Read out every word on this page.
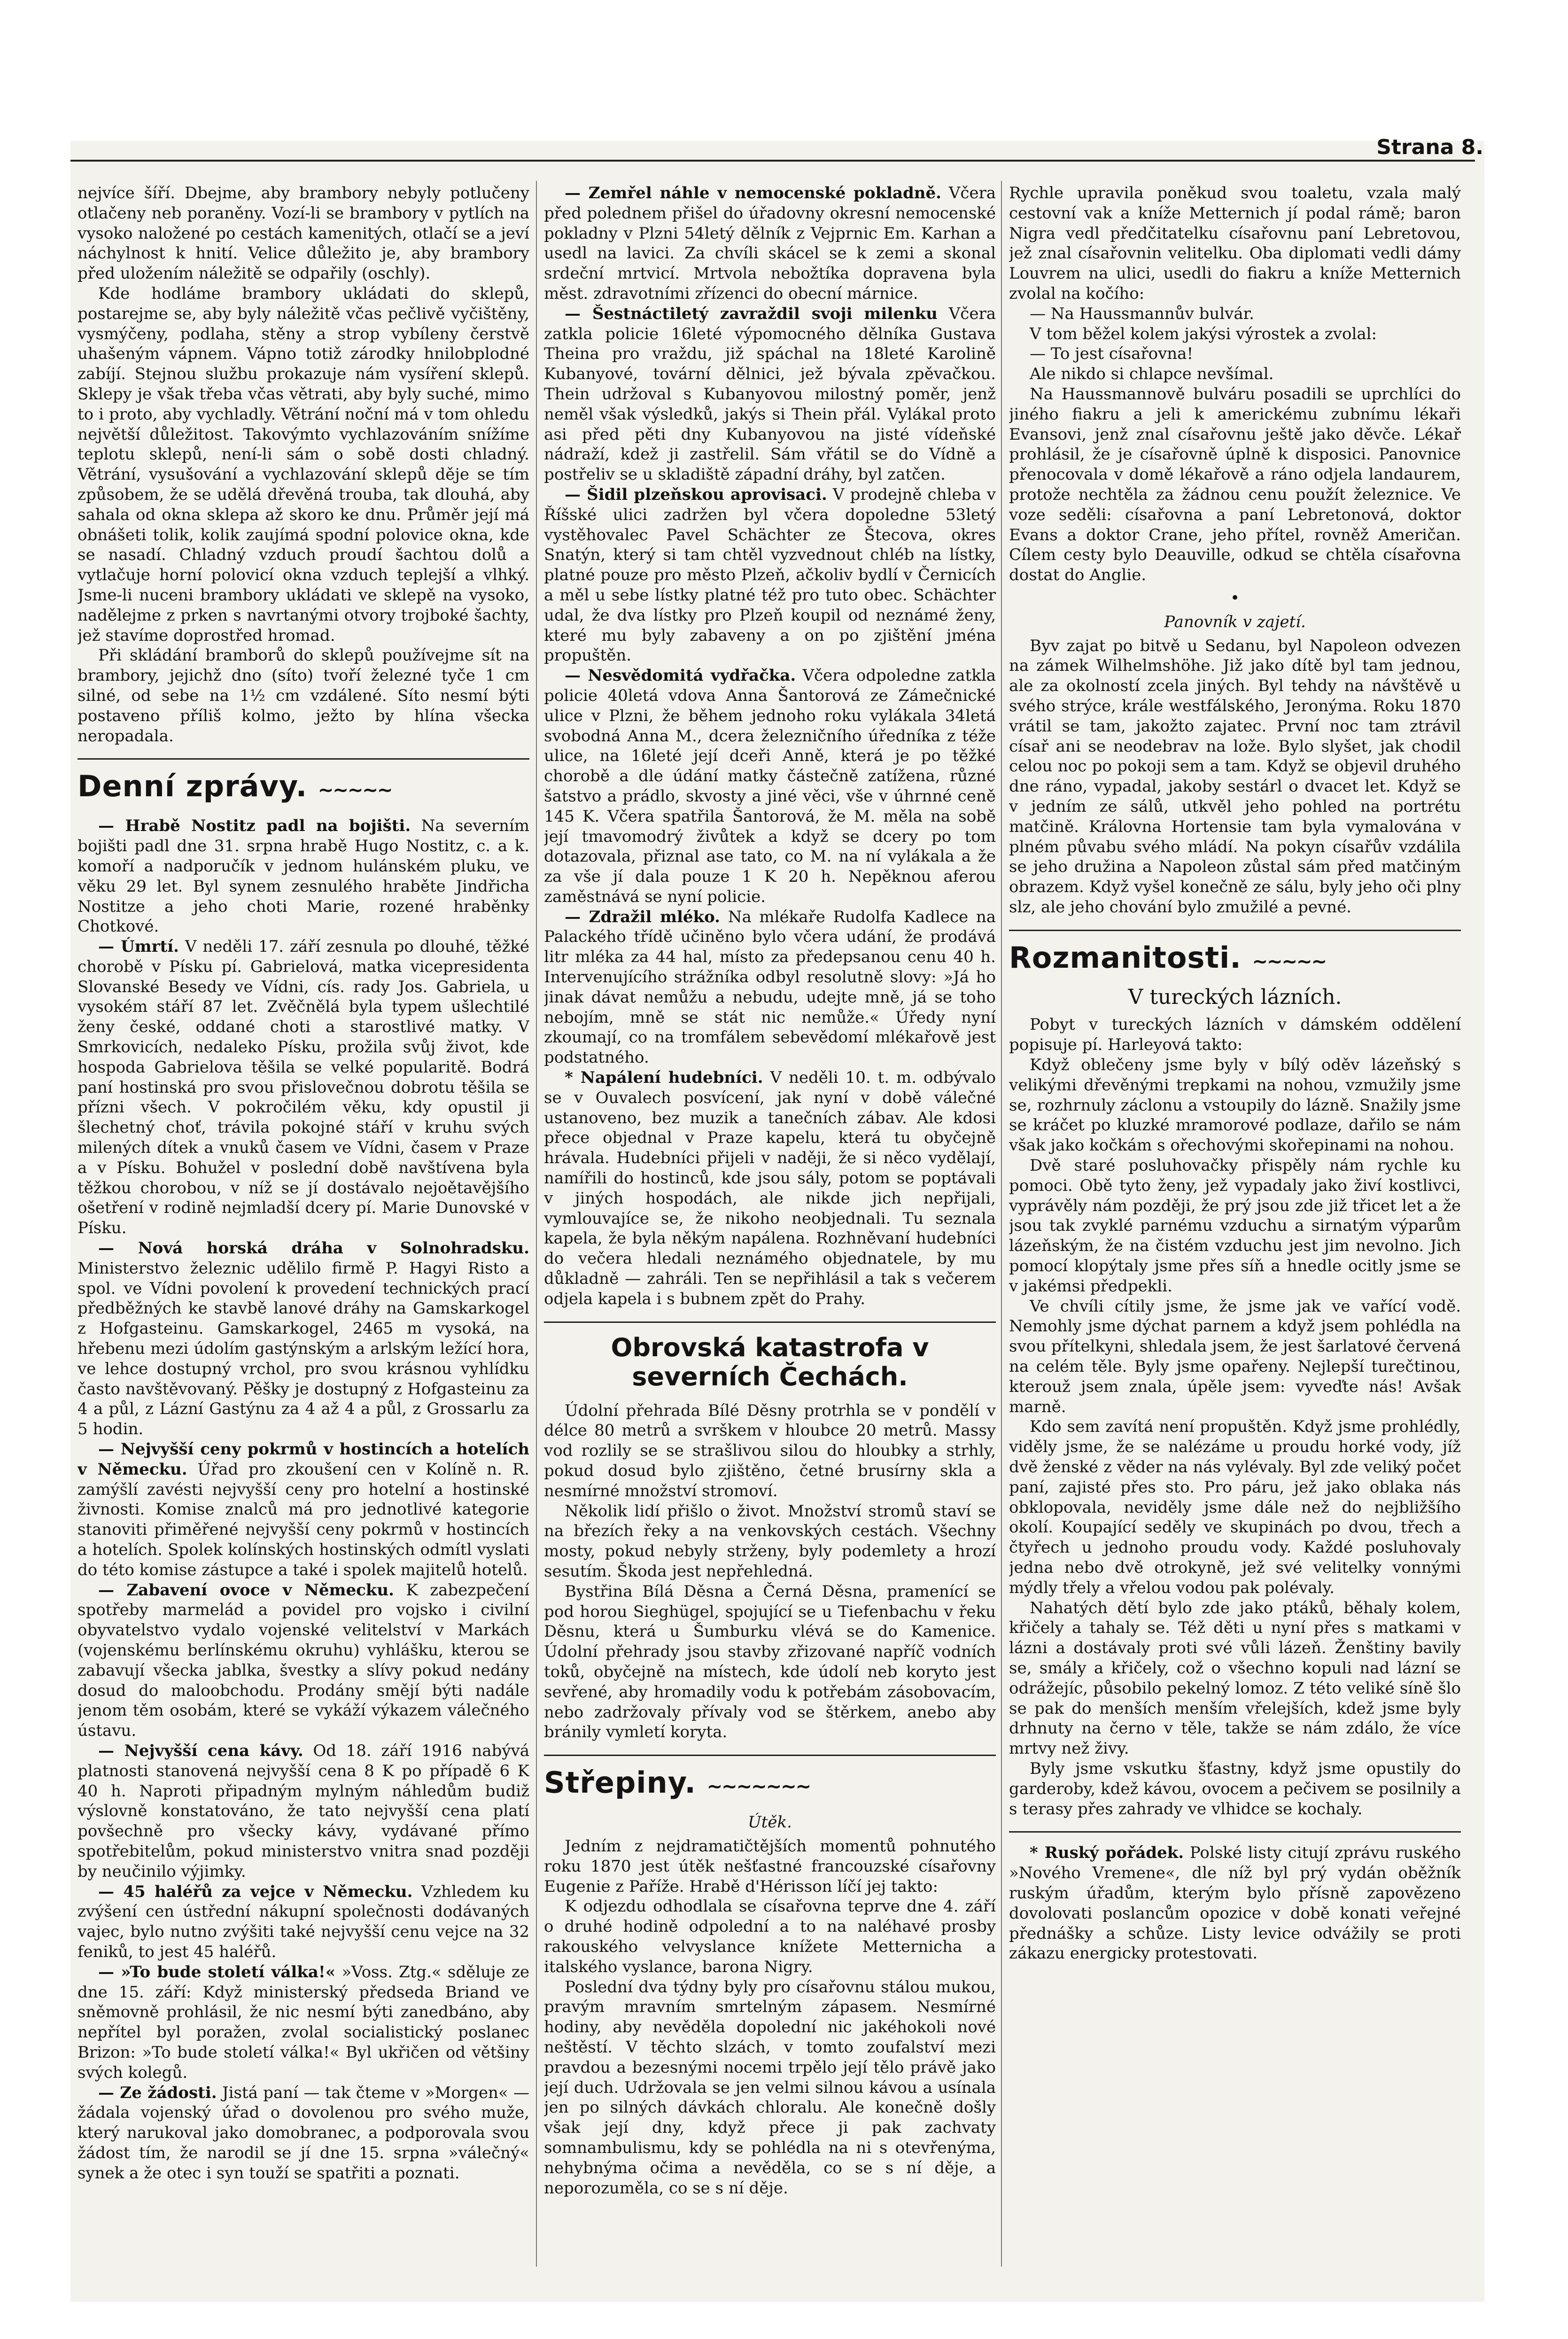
Strana 8.

nejvíce šíří. Dbejme, aby brambory nebyly potlučeny otlačeny neb poraněny. Vozí-li se brambory v pytlích na vysoko naložené po cestách kamenitých, otlačí se a jeví náchylnost k hnití. Velice důležito je, aby brambory před uložením náležitě se odpařily (oschly).

Kde hodláme brambory ukládati do sklepů, postarejme se, aby byly náležitě včas pečlivě vyčištěny, vysmýčeny, podlaha, stěny a strop vybíleny čerstvě uhašeným vápnem. Vápno totiž zárodky hnilobplodné zabíjí. Stejnou službu prokazuje nám vysíření sklepů. Sklepy je však třeba včas větrati, aby byly suché, mimo to i proto, aby vychladly. Větrání noční má v tom ohledu největší důležitost. Takovýmto vychlazováním snížíme teplotu sklepů, není-li sám o sobě dosti chladný. Větrání, vysušování a vychlazování sklepů děje se tím způsobem, že se udělá dřevěná trouba, tak dlouhá, aby sahala od okna sklepa až skoro ke dnu. Průměr její má obnášeti tolik, kolik zaujímá spodní polovice okna, kde se nasadí. Chladný vzduch proudí šachtou dolů a vytlačuje horní polovicí okna vzduch teplejší a vlhký. Jsme-li nuceni brambory ukládati ve sklepě na vysoko, nadělejme z prken s navrtanými otvory trojboké šachty, jež stavíme doprostřed hromad.

Při skládání bramborů do sklepů používejme sít na brambory, jejichž dno (síto) tvoří železné tyče 1 cm silné, od sebe na 1½ cm vzdálené. Síto nesmí býti postaveno příliš kolmo, ježto by hlína všecka neropadala.

Denní zprávy. ~~~~~

— Hrabě Nostitz padl na bojišti. Na severním bojišti padl dne 31. srpna hrabě Hugo Nostitz, c. a k. komoří a nadporučík v jednom hulánském pluku, ve věku 29 let. Byl synem zesnulého hraběte Jindřicha Nostitze a jeho choti Marie, rozené hraběnky Chotkové.

— Úmrtí. V neděli 17. září zesnula po dlouhé, těžké chorobě v Písku pí. Gabrielová, matka vicepresidenta Slovanské Besedy ve Vídni, cís. rady Jos. Gabriela, u vysokém stáří 87 let. Zvěčnělá byla typem ušlechtilé ženy české, oddané choti a starostlivé matky. V Smrkovicích, nedaleko Písku, prožila svůj život, kde hospoda Gabrielova těšila se velké popularitě. Bodrá paní hostinská pro svou přislovečnou dobrotu těšila se přízni všech. V pokročilém věku, kdy opustil ji šlechetný choť, trávila pokojné stáří v kruhu svých milených dítek a vnuků časem ve Vídni, časem v Praze a v Písku. Bohužel v poslední době navštívena byla těžkou chorobou, v níž se jí dostávalo nejoětavějšího ošetření v rodině nejmladší dcery pí. Marie Dunovské v Písku.

— Nová horská dráha v Solnohradsku. Ministerstvo železnic udělilo firmě P. Hagyi Risto a spol. ve Vídni povolení k provedení technických prací předběžných ke stavbě lanové dráhy na Gamskarkogel z Hofgasteinu. Gamskarkogel, 2465 m vysoká, na hřebenu mezi údolím gastýnským a arlským ležící hora, ve lehce dostupný vrchol, pro svou krásnou vyhlídku často navštěvovaný. Pěšky je dostupný z Hofgasteinu za 4 a půl, z Lázní Gastýnu za 4 až 4 a půl, z Grossarlu za 5 hodin.

— Nejvyšší ceny pokrmů v hostincích a hotelích v Německu. Úřad pro zkoušení cen v Kolíně n. R. zamýšlí zavésti nejvyšší ceny pro hotelní a hostinské živnosti. Komise znalců má pro jednotlivé kategorie stanoviti přiměřené nejvyšší ceny pokrmů v hostincích a hotelích. Spolek kolínských hostinských odmítl vyslati do této komise zástupce a také i spolek majitelů hotelů.

— Zabavení ovoce v Německu. K zabezpečení spotřeby marmelád a povidel pro vojsko i civilní obyvatelstvo vydalo vojenské velitelství v Markách (vojenskému berlínskému okruhu) vyhlášku, kterou se zabavují všecka jablka, švestky a slívy pokud nedány dosud do maloobchodu. Prodány smějí býti nadále jenom těm osobám, které se vykáží výkazem válečného ústavu.

— Nejvyšší cena kávy. Od 18. září 1916 nabývá platnosti stanovená nejvyšší cena 8 K po případě 6 K 40 h. Naproti připadným mylným náhledům budiž výslovně konstatováno, že tato nejvyšší cena platí povšechně pro všecky kávy, vydávané přímo spotřebitelům, pokud ministerstvo vnitra snad později by neučinilo výjimky.

— 45 haléřů za vejce v Německu. Vzhledem ku zvýšení cen ústřední nákupní společnosti dodávaných vajec, bylo nutno zvýšiti také nejvyšší cenu vejce na 32 feniků, to jest 45 haléřů.

— »To bude století válka!« »Voss. Ztg.« sděluje ze dne 15. září: Když ministerský předseda Briand ve sněmovně prohlásil, že nic nesmí býti zanedbáno, aby nepřítel byl poražen, zvolal socialistický poslanec Brizon: »To bude století válka!« Byl ukřičen od většiny svých kolegů.

— Ze žádosti. Jistá paní — tak čteme v »Morgen« — žádala vojenský úřad o dovolenou pro svého muže, který narukoval jako domobranec, a podporovala svou žádost tím, že narodil se jí dne 15. srpna »válečný« synek a že otec i syn touží se spatřiti a poznati.

— Zemřel náhle v nemocenské pokladně. Včera před polednem přišel do úřadovny okresní nemocenské pokladny v Plzni 54letý dělník z Vejprnic Em. Karhan a usedl na lavici. Za chvíli skácel se k zemi a skonal srdeční mrtvicí. Mrtvola nebožtíka dopravena byla měst. zdravotními zřízenci do obecní márnice.

— Šestnáctiletý zavraždil svoji milenku Včera zatkla policie 16leté výpomocného dělníka Gustava Theina pro vraždu, již spáchal na 18leté Karolině Kubanyové, tovární dělnici, jež bývala zpěvačkou. Thein udržoval s Kubanyovou milostný poměr, jenž neměl však výsledků, jakýs si Thein přál. Vylákal proto asi před pěti dny Kubanyovou na jisté vídeňské nádraží, kdež ji zastřelil. Sám vřátil se do Vídně a postřeliv se u skladiště západní dráhy, byl zatčen.

— Šidil plzeňskou aprovisaci. V prodejně chleba v Říšské ulici zadržen byl včera dopoledne 53letý vystěhovalec Pavel Schächter ze Štecova, okres Snatýn, který si tam chtěl vyzvednout chléb na lístky, platné pouze pro město Plzeň, ačkoliv bydlí v Černicích a měl u sebe lístky platné též pro tuto obec. Schächter udal, že dva lístky pro Plzeň koupil od neznámé ženy, které mu byly zabaveny a on po zjištění jména propuštěn.

— Nesvědomitá vydřačka. Včera odpoledne zatkla policie 40letá vdova Anna Šantorová ze Zámečnické ulice v Plzni, že během jednoho roku vylákala 34letá svobodná Anna M., dcera železničního úředníka z téže ulice, na 16leté její dceři Anně, která je po těžké chorobě a dle údání matky částečně zatížena, různé šatstvo a prádlo, skvosty a jiné věci, vše v úhrnné ceně 145 K. Včera spatřila Šantorová, že M. měla na sobě její tmavomodrý živůtek a když se dcery po tom dotazovala, přiznal ase tato, co M. na ní vylákala a že za vše jí dala pouze 1 K 20 h. Nepěknou aferou zaměstnává se nyní policie.

— Zdražil mléko. Na mlékaře Rudolfa Kadlece na Palackého třídě učiněno bylo včera udání, že prodává litr mléka za 44 hal, místo za předepsanou cenu 40 h. Intervenujícího strážníka odbyl resolutně slovy: »Já ho jinak dávat nemůžu a nebudu, udejte mně, já se toho nebojím, mně se stát nic nemůže.« Úředy nyní zkoumají, co na tromfálem sebevědomí mlékařově jest podstatného.

* Napálení hudebníci. V neděli 10. t. m. odbývalo se v Ouvalech posvícení, jak nyní v době válečné ustanoveno, bez muzik a tanečních zábav. Ale kdosi přece objednal v Praze kapelu, která tu obyčejně hrávala. Hudebníci přijeli v naději, že si něco vydělají, namířili do hostinců, kde jsou sály, potom se poptávali v jiných hospodách, ale nikde jich nepřijali, vymlouvajíce se, že nikoho neobjednali. Tu seznala kapela, že byla někým napálena. Rozhněvaní hudebníci do večera hledali neznámého objednatele, by mu důkladně — zahráli. Ten se nepřihlásil a tak s večerem odjela kapela i s bubnem zpět do Prahy.

Obrovská katastrofa v severních Čechách.

Údolní přehrada Bílé Děsny protrhla se v pondělí v délce 80 metrů a svrškem v hloubce 20 metrů. Massy vod rozlily se se strašlivou silou do hloubky a strhly, pokud dosud bylo zjištěno, četné brusírny skla a nesmírné množství stromoví.

Několik lidí přišlo o život. Množství stromů staví se na březích řeky a na venkovských cestách. Všechny mosty, pokud nebyly strženy, byly podemlety a hrozí sesutím. Škoda jest nepřehledná.

Bystřina Bílá Děsna a Černá Děsna, pramenící se pod horou Sieghügel, spojující se u Tiefenbachu v řeku Děsnu, která u Šumburku vlévá se do Kamenice. Údolní přehrady jsou stavby zřizované napříč vodních toků, obyčejně na místech, kde údolí neb koryto jest sevřené, aby hromadily vodu k potřebám zásobovacím, nebo zadržovaly přívaly vod se štěrkem, anebo aby bránily vymletí koryta.

Střepiny. ~~~~~~~
Útěk.

Jedním z nejdramatičtějších momentů pohnutého roku 1870 jest útěk nešťastné francouzské císařovny Eugenie z Paříže. Hrabě d'Hérisson líčí jej takto:

K odjezdu odhodlala se císařovna teprve dne 4. září o druhé hodině odpolední a to na naléhavé prosby rakouského velvyslance knížete Metternicha a italského vyslance, barona Nigry.

Poslední dva týdny byly pro císařovnu stálou mukou, pravým mravním smrtelným zápasem. Nesmírné hodiny, aby nevěděla dopolední nic jakéhokoli nové neštěstí. V těchto slzách, v tomto zoufalství mezi pravdou a bezesnými nocemi trpělo její tělo právě jako její duch. Udržovala se jen velmi silnou kávou a usínala jen po silných dávkách chloralu. Ale konečně došly však její dny, když přece ji pak zachvaty somnambulismu, kdy se pohlédla na ni s otevřenýma, nehybnýma očima a nevěděla, co se s ní děje, a neporozuměla, co se s ní děje.

Rychle upravila poněkud svou toaletu, vzala malý cestovní vak a kníže Metternich jí podal rámě; baron Nigra vedl předčitatelku císařovnu paní Lebretovou, jež znal císařovnin velitelku. Oba diplomati vedli dámy Louvrem na ulici, usedli do fiakru a kníže Metternich zvolal na kočího:

— Na Haussmannův bulvár.

V tom běžel kolem jakýsi výrostek a zvolal:

— To jest císařovna!

Ale nikdo si chlapce nevšímal.

Na Haussmannově bulváru posadili se uprchlíci do jiného fiakru a jeli k americkému zubnímu lékaři Evansovi, jenž znal císařovnu ještě jako děvče. Lékař prohlásil, že je císařovně úplně k disposici. Panovnice přenocovala v domě lékařově a ráno odjela landaurem, protože nechtěla za žádnou cenu použít železnice. Ve voze seděli: císařovna a paní Lebretonová, doktor Evans a doktor Crane, jeho přítel, rovněž Američan. Cílem cesty bylo Deauville, odkud se chtěla císařovna dostat do Anglie.

•
Panovník v zajetí.

Byv zajat po bitvě u Sedanu, byl Napoleon odvezen na zámek Wilhelmshöhe. Již jako dítě byl tam jednou, ale za okolností zcela jiných. Byl tehdy na návštěvě u svého strýce, krále westfálského, Jeronýma. Roku 1870 vrátil se tam, jakožto zajatec. První noc tam ztrávil císař ani se neodebrav na lože. Bylo slyšet, jak chodil celou noc po pokoji sem a tam. Když se objevil druhého dne ráno, vypadal, jakoby sestárl o dvacet let. Když se v jedním ze sálů, utkvěl jeho pohled na portrétu matčině. Královna Hortensie tam byla vymalována v plném půvabu svého mládí. Na pokyn císařův vzdálila se jeho družina a Napoleon zůstal sám před matčiným obrazem. Když vyšel konečně ze sálu, byly jeho oči plny slz, ale jeho chování bylo zmužilé a pevné.

Rozmanitosti. ~~~~~
V tureckých lázních.

Pobyt v tureckých lázních v dámském oddělení popisuje pí. Harleyová takto:

Když oblečeny jsme byly v bílý oděv lázeňský s velikými dřevěnými trepkami na nohou, vzmužily jsme se, rozhrnuly záclonu a vstoupily do lázně. Snažily jsme se kráčet po kluzké mramorové podlaze, dařilo se nám však jako kočkám s ořechovými skořepinami na nohou.

Dvě staré posluhovačky přispěly nám rychle ku pomoci. Obě tyto ženy, jež vypadaly jako živí kostlivci, vyprávěly nám později, že prý jsou zde již třicet let a že jsou tak zvyklé parnému vzduchu a sirnatým výparům lázeňským, že na čistém vzduchu jest jim nevolno. Jich pomocí klopýtaly jsme přes síň a hnedle ocitly jsme se v jakémsi předpekli.

Ve chvíli cítily jsme, že jsme jak ve vařící vodě. Nemohly jsme dýchat parnem a když jsem pohlédla na svou přítelkyni, shledala jsem, že jest šarlatové červená na celém těle. Byly jsme opařeny. Nejlepší turečtinou, kterouž jsem znala, úpěle jsem: vyveďte nás! Avšak marně.

Kdo sem zavítá není propuštěn. Když jsme prohlédly, viděly jsme, že se nalézáme u proudu horké vody, jíž dvě ženské z věder na nás vylévaly. Byl zde veliký počet paní, zajisté přes sto. Pro páru, jež jako oblaka nás obklopovala, neviděly jsme dále než do nejbližšího okolí. Koupající seděly ve skupinách po dvou, třech a čtyřech u jednoho proudu vody. Každé posluhovaly jedna nebo dvě otrokyně, jež své velitelky vonnými mýdly třely a vřelou vodou pak polévaly.

Nahatých dětí bylo zde jako ptáků, běhaly kolem, křičely a tahaly se. Též děti u nyní přes s matkami v lázni a dostávaly proti své vůli lázeň. Ženštiny bavily se, smály a křičely, což o všechno kopuli nad lázní se odrážejíc, působilo pekelný lomoz. Z této veliké síně šlo se pak do menších menším vřelejších, kdež jsme byly drhnuty na černo v těle, takže se nám zdálo, že více mrtvy než živy.

Byly jsme vskutku šťastny, když jsme opustily do garderoby, kdež kávou, ovocem a pečivem se posilnily a s terasy přes zahrady ve vlhidce se kochaly.

* Ruský pořádek. Polské listy citují zprávu ruského »Nového Vremene«, dle níž byl prý vydán oběžník ruským úřadům, kterým bylo přísně zapovězeno dovolovati poslancům opozice v době konati veřejné přednášky a schůze. Listy levice odvážily se proti zákazu energicky protestovati.
